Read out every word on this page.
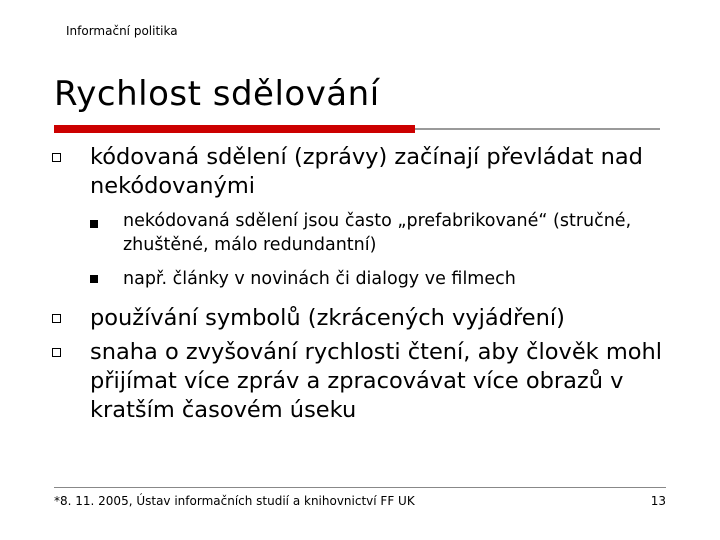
Informační politika
Rychlost sdělování
kódovaná sdělení (zprávy) začínají převládat nad nekódovanými
nekódovaná sdělení jsou často „prefabrikované“ (stručné, zhuštěné, málo redundantní)
např. články v novinách či dialogy ve filmech
používání symbolů (zkrácených vyjádření)
snaha o zvyšování rychlosti čtení, aby člověk mohl přijímat více zpráv a zpracovávat více obrazů v kratším časovém úseku
*8. 11. 2005, Ústav informačních studií a knihovnictví FF UK	13
